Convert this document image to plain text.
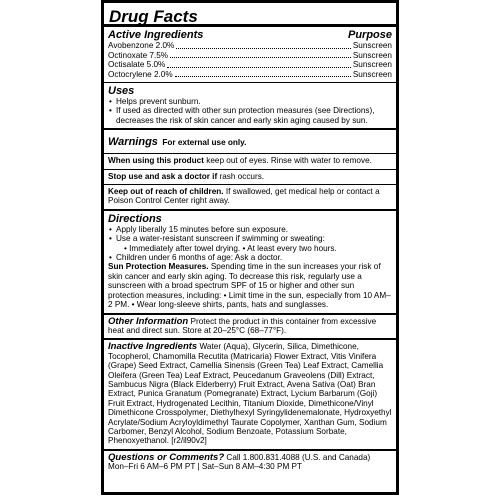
Drug Facts
Active Ingredients	Purpose
Avobenzone 2.0%	Sunscreen
Octinoxate 7.5%	Sunscreen
Octisalate 5.0%	Sunscreen
Octocrylene 2.0%	Sunscreen
Uses
• Helps prevent sunburn.
• If used as directed with other sun protection measures (see Directions), decreases the risk of skin cancer and early skin aging caused by sun.
Warnings For external use only.
When using this product keep out of eyes. Rinse with water to remove.
Stop use and ask a doctor if rash occurs.
Keep out of reach of children. If swallowed, get medical help or contact a Poison Control Center right away.
Directions
• Apply liberally 15 minutes before sun exposure.
• Use a water-resistant sunscreen if swimming or sweating:
• Immediately after towel drying. • At least every two hours.
• Children under 6 months of age: Ask a doctor.
Sun Protection Measures. Spending time in the sun increases your risk of skin cancer and early skin aging. To decrease this risk, regularly use a sunscreen with a broad spectrum SPF of 15 or higher and other sun protection measures, including: • Limit time in the sun, especially from 10 AM–2 PM. • Wear long-sleeve shirts, pants, hats and sunglasses.
Other Information Protect the product in this container from excessive heat and direct sun. Store at 20–25°C (68–77°F).
Inactive Ingredients Water (Aqua), Glycerin, Silica, Dimethicone, Tocopherol, Chamomilla Recutita (Matricaria) Flower Extract, Vitis Vinifera (Grape) Seed Extract, Camellia Sinensis (Green Tea) Leaf Extract, Camellia Oleifera (Green Tea) Leaf Extract, Peucedanum Graveolens (Dill) Extract, Sambucus Nigra (Black Elderberry) Fruit Extract, Avena Sativa (Oat) Bran Extract, Punica Granatum (Pomegranate) Extract, Lycium Barbarum (Goji) Fruit Extract, Hydrogenated Lecithin, Titanium Dioxide, Dimethicone/Vinyl Dimethicone Crosspolymer, Diethylhexyl Syringylidenemalonate, Hydroxyethyl Acrylate/Sodium Acryloyldimethyl Taurate Copolymer, Xanthan Gum, Sodium Carbomer, Benzyl Alcohol, Sodium Benzoate, Potassium Sorbate, Phenoxyethanol. [r2/il90v2]
Questions or Comments? Call 1.800.831.4088 (U.S. and Canada)
Mon–Fri 6 AM–6 PM PT | Sat–Sun 8 AM–4:30 PM PT
